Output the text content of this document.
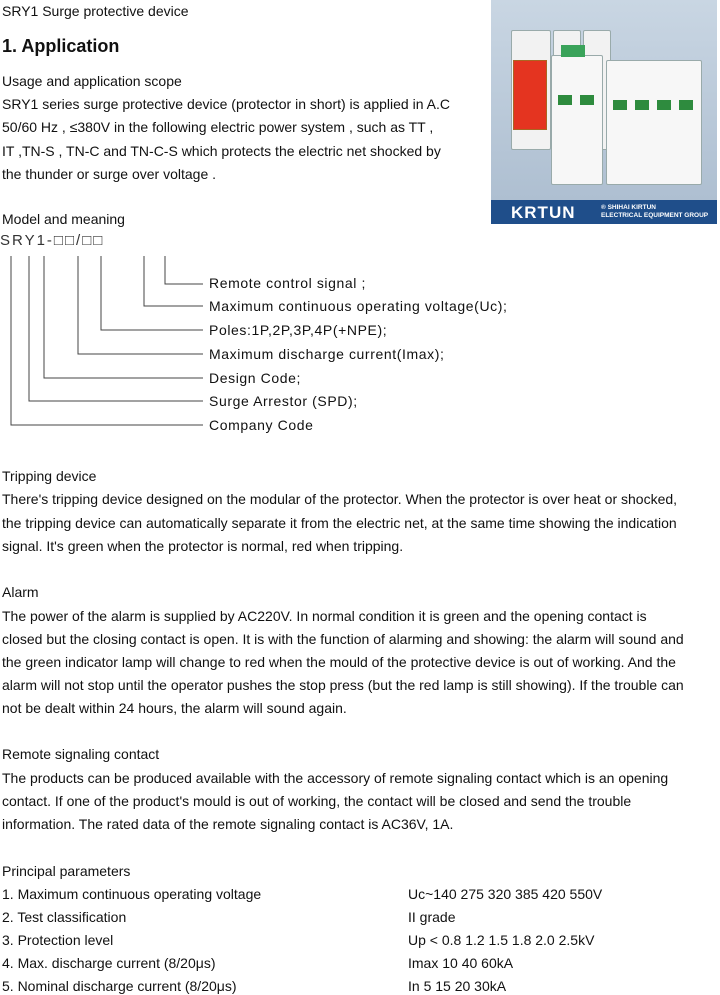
SRY1 Surge protective device
1. Application
Usage and application scope
SRY1 series surge protective device (protector in short) is applied in A.C
50/60 Hz , ≤380V in the following electric power system , such as TT ,
IT ,TN-S , TN-C and TN-C-S which protects the electric net shocked by
the thunder or surge over voltage .
KRTUN	® SHIHAI KIRTUN
ELECTRICAL EQUIPMENT GROUP
Model and meaning
SRY1-□□/□□
Remote control signal ;
Maximum continuous operating voltage(Uc);
Poles:1P,2P,3P,4P(+NPE);
Maximum discharge current(Imax);
Design Code;
Surge Arrestor (SPD);
Company Code
Tripping device
There's tripping device designed on the modular of the protector. When the protector is over heat or shocked,
the tripping device can automatically separate it from the electric net, at the same time showing the indication
signal. It's green when the protector is normal, red when tripping.
Alarm
The power of the alarm is supplied by AC220V. In normal condition it is green and the opening contact is
closed but the closing contact is open. It is with the function of alarming and showing: the alarm will sound and
the green indicator lamp will change to red when the mould of the protective device is out of working. And the
alarm will not stop until the operator pushes the stop press (but the red lamp is still showing). If the trouble can
not be dealt within 24 hours, the alarm will sound again.
Remote signaling contact
The products can be produced available with the accessory of remote signaling contact which is an opening
contact. If one of the product's mould is out of working, the contact will be closed and send the trouble
information. The rated data of the remote signaling contact is AC36V, 1A.
Principal parameters
1. Maximum continuous operating voltage	Uc~140 275 320 385 420 550V
2. Test classification	II grade
3. Protection level	Up < 0.8 1.2 1.5 1.8 2.0 2.5kV
4. Max. discharge current (8/20μs)	Imax 10 40 60kA
5. Nominal discharge current (8/20μs)	In 5 15 20 30kA
